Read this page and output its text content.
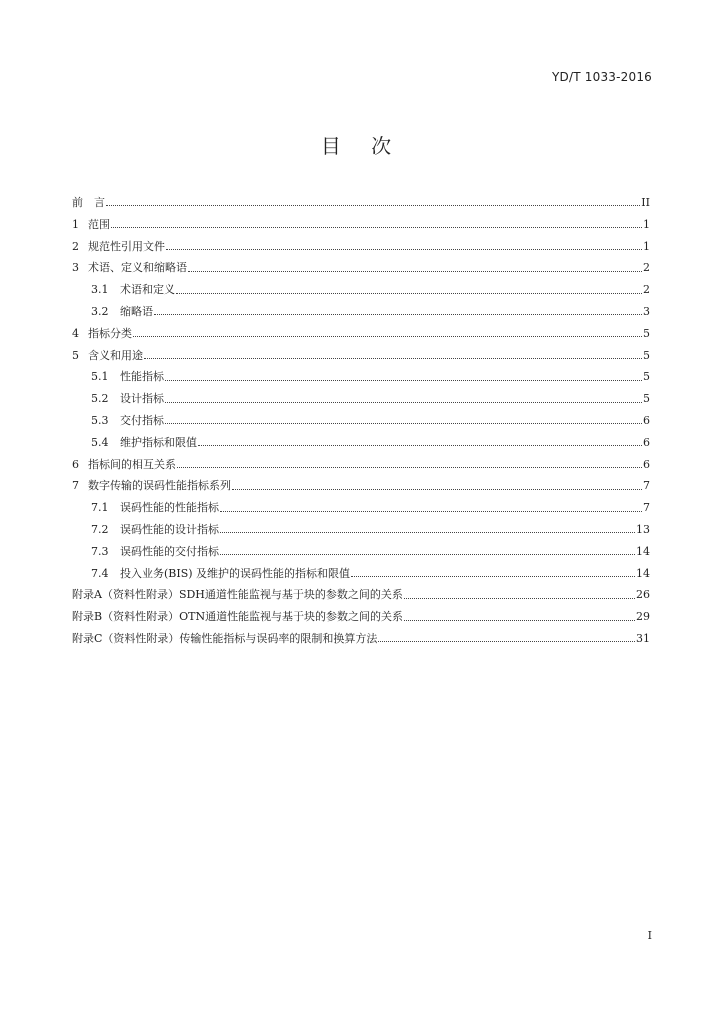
YD/T 1033-2016
目 次
前　言	II
1 范围	1
2 规范性引用文件	1
3 术语、定义和缩略语	2
3.1	术语和定义	2
3.2	缩略语	3
4 指标分类	5
5 含义和用途	5
5.1	性能指标	5
5.2	设计指标	5
5.3	交付指标	6
5.4	维护指标和限值	6
6 指标间的相互关系	6
7 数字传输的误码性能指标系列	7
7.1	误码性能的性能指标	7
7.2	误码性能的设计指标	13
7.3	误码性能的交付指标	14
7.4	投入业务(BIS) 及维护的误码性能的指标和限值	14
附录A（资料性附录）SDH通道性能监视与基于块的参数之间的关系	26
附录B（资料性附录）OTN通道性能监视与基于块的参数之间的关系	29
附录C（资料性附录）传输性能指标与误码率的限制和换算方法	31
I
